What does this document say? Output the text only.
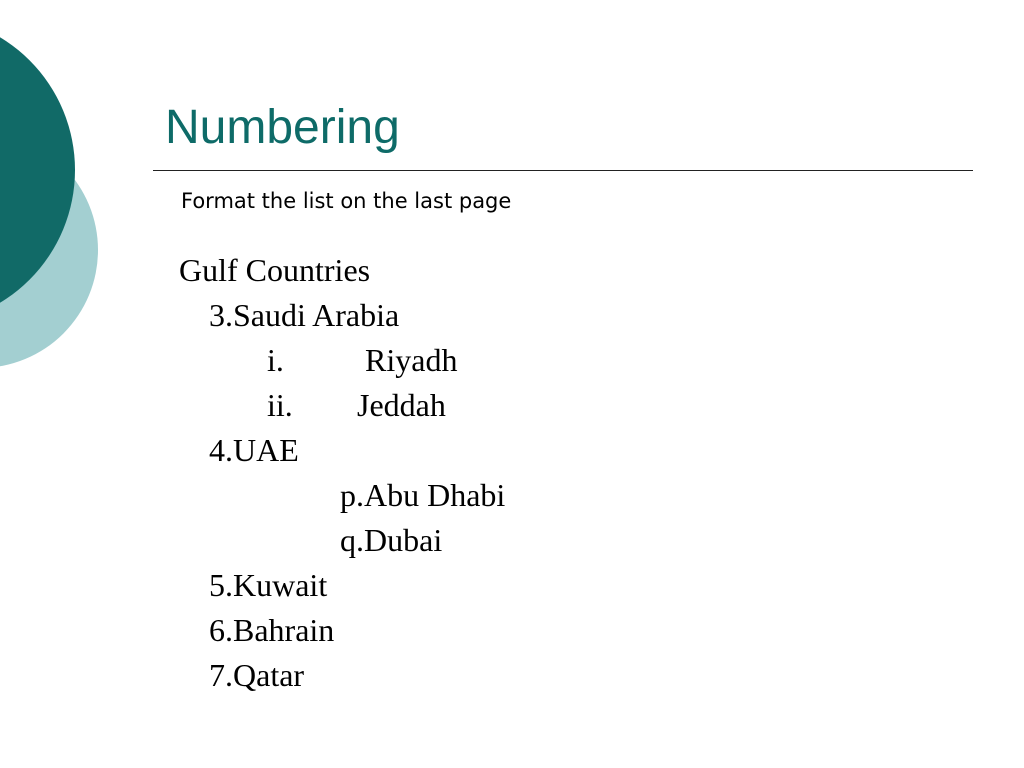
Numbering
Format the list on the last page
Gulf Countries
3.Saudi Arabia
i.	Riyadh
ii. Jeddah
4.UAE
p.Abu Dhabi
q.Dubai
5.Kuwait
6.Bahrain
7.Qatar
